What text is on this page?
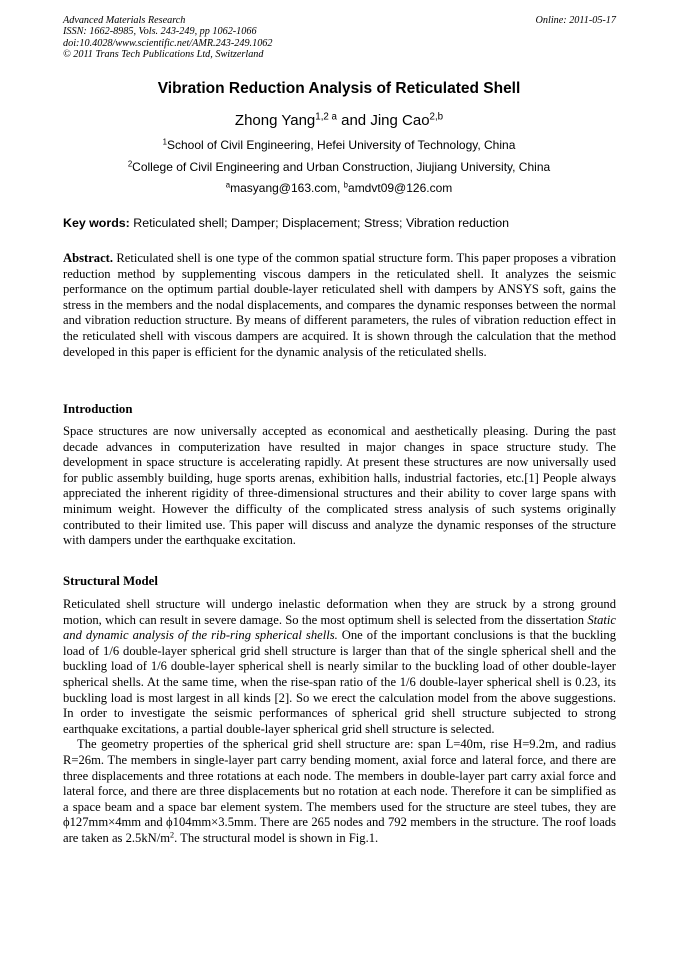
Advanced Materials Research
ISSN: 1662-8985, Vols. 243-249, pp 1062-1066
doi:10.4028/www.scientific.net/AMR.243-249.1062
© 2011 Trans Tech Publications Ltd, Switzerland
Online: 2011-05-17
Vibration Reduction Analysis of Reticulated Shell
Zhong Yang$^{1,2 a}$ and Jing Cao$^{2,b}$
$^1$School of Civil Engineering, Hefei University of Technology, China
$^2$College of Civil Engineering and Urban Construction, Jiujiang University, China
$^a$masyang@163.com, $^b$amdvt09@126.com
Key words: Reticulated shell; Damper; Displacement; Stress; Vibration reduction

Abstract. Reticulated shell is one type of the common spatial structure form. This paper proposes a vibration reduction method by supplementing viscous dampers in the reticulated shell. It analyzes the seismic performance on the optimum partial double-layer reticulated shell with dampers by ANSYS soft, gains the stress in the members and the nodal displacements, and compares the dynamic responses between the normal and vibration reduction structure. By means of different parameters, the rules of vibration reduction effect in the reticulated shell with viscous dampers are acquired. It is shown through the calculation that the method developed in this paper is efficient for the dynamic analysis of the reticulated shells.

Introduction

Space structures are now universally accepted as economical and aesthetically pleasing. During the past decade advances in computerization have resulted in major changes in space structure study. The development in space structure is accelerating rapidly. At present these structures are now universally used for public assembly building, huge sports arenas, exhibition halls, industrial factories, etc.[1] People always appreciated the inherent rigidity of three-dimensional structures and their ability to cover large spans with minimum weight. However the difficulty of the complicated stress analysis of such systems originally contributed to their limited use. This paper will discuss and analyze the dynamic responses of the structure with dampers under the earthquake excitation.

Structural Model

Reticulated shell structure will undergo inelastic deformation when they are struck by a strong ground motion, which can result in severe damage. So the most optimum shell is selected from the dissertation Static and dynamic analysis of the rib-ring spherical shells. One of the important conclusions is that the buckling load of 1/6 double-layer spherical grid shell structure is larger than that of the single spherical shell and the buckling load of 1/6 double-layer spherical shell is nearly similar to the buckling load of other double-layer spherical shells. At the same time, when the rise-span ratio of the 1/6 double-layer spherical shell is 0.23, its buckling load is most largest in all kinds [2]. So we erect the calculation model from the above suggestions. In order to investigate the seismic performances of spherical grid shell structure subjected to strong earthquake excitations, a partial double-layer spherical grid shell structure is selected.

The geometry properties of the spherical grid shell structure are: span L=40m, rise H=9.2m, and radius R=26m. The members in single-layer part carry bending moment, axial force and lateral force, and there are three displacements and three rotations at each node. The members in double-layer part carry axial force and lateral force, and there are three displacements but no rotation at each node. Therefore it can be simplified as a space beam and a space bar element system. The members used for the structure are steel tubes, they are ϕ127mm×4mm and ϕ104mm×3.5mm. There are 265 nodes and 792 members in the structure. The roof loads are taken as $2.5kN/m^2$. The structural model is shown in Fig.1.
